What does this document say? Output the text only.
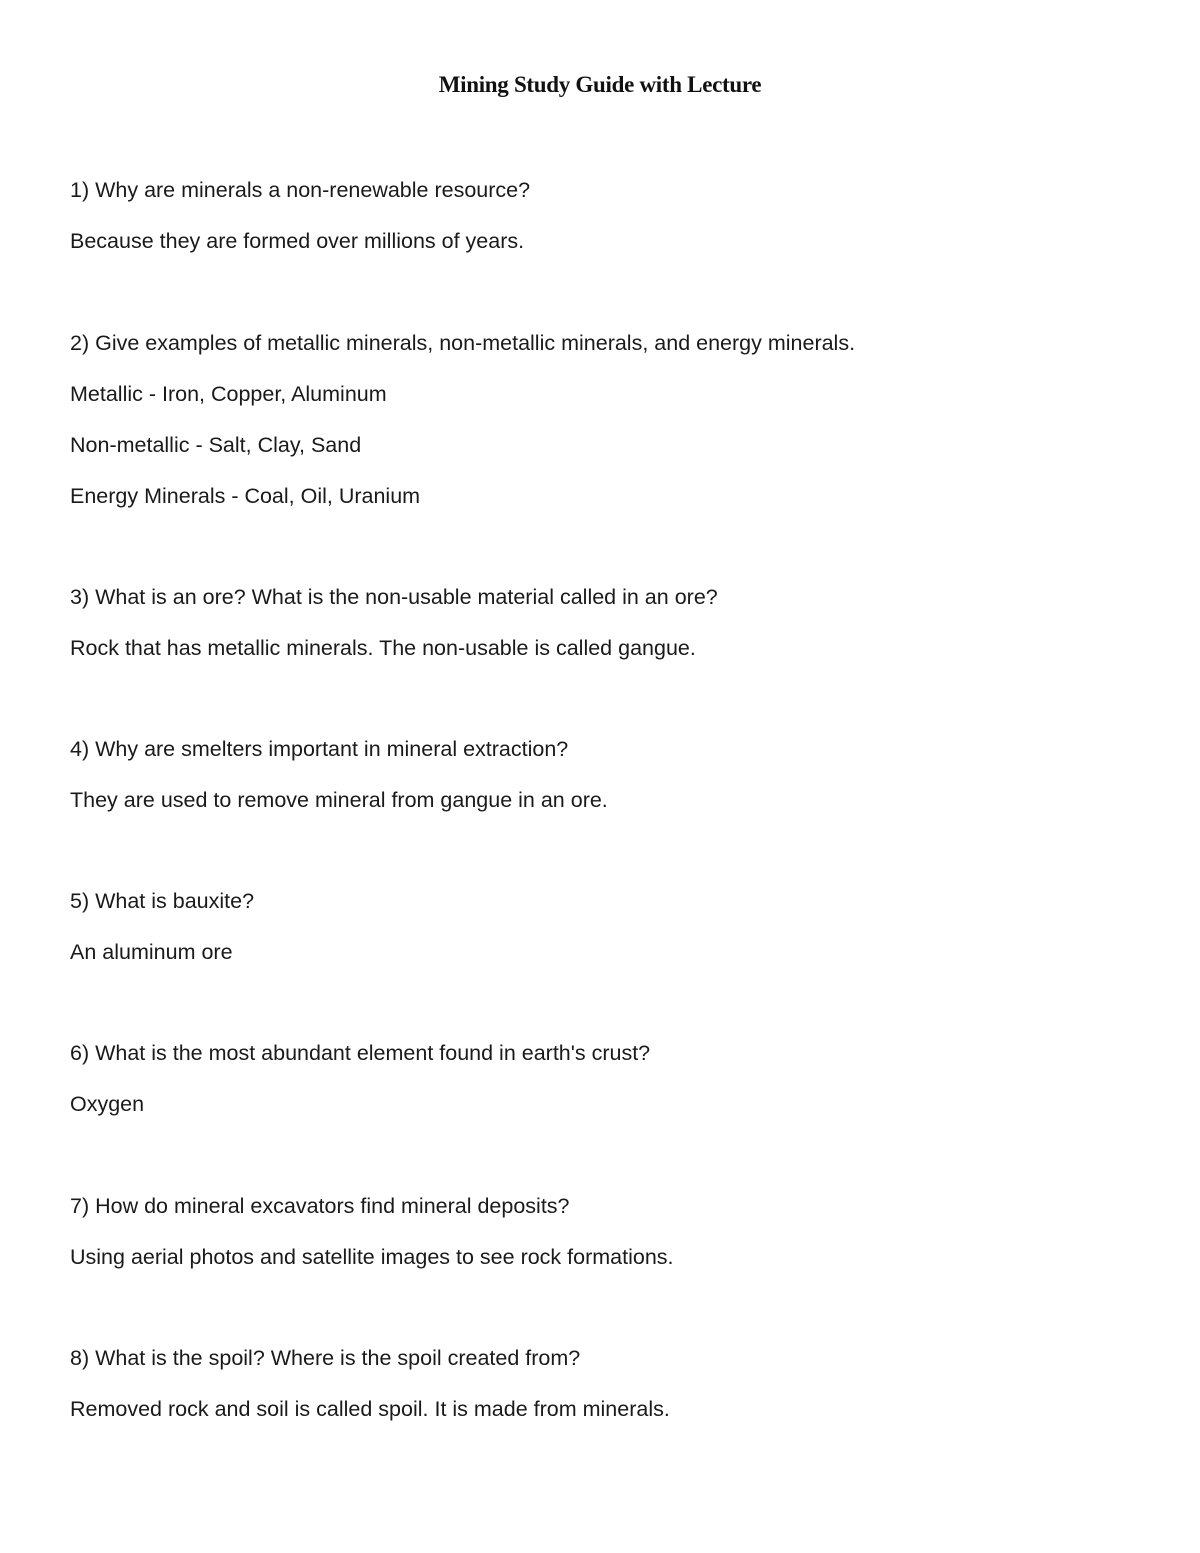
Mining Study Guide with Lecture

1) Why are minerals a non-renewable resource?

Because they are formed over millions of years.

2) Give examples of metallic minerals, non-metallic minerals, and energy minerals.

Metallic - Iron, Copper, Aluminum

Non-metallic - Salt, Clay, Sand

Energy Minerals - Coal, Oil, Uranium

3) What is an ore? What is the non-usable material called in an ore?

Rock that has metallic minerals. The non-usable is called gangue.

4) Why are smelters important in mineral extraction?

They are used to remove mineral from gangue in an ore.

5) What is bauxite?

An aluminum ore

6) What is the most abundant element found in earth's crust?

Oxygen

7) How do mineral excavators find mineral deposits?

Using aerial photos and satellite images to see rock formations.

8) What is the spoil? Where is the spoil created from?

Removed rock and soil is called spoil. It is made from minerals.
